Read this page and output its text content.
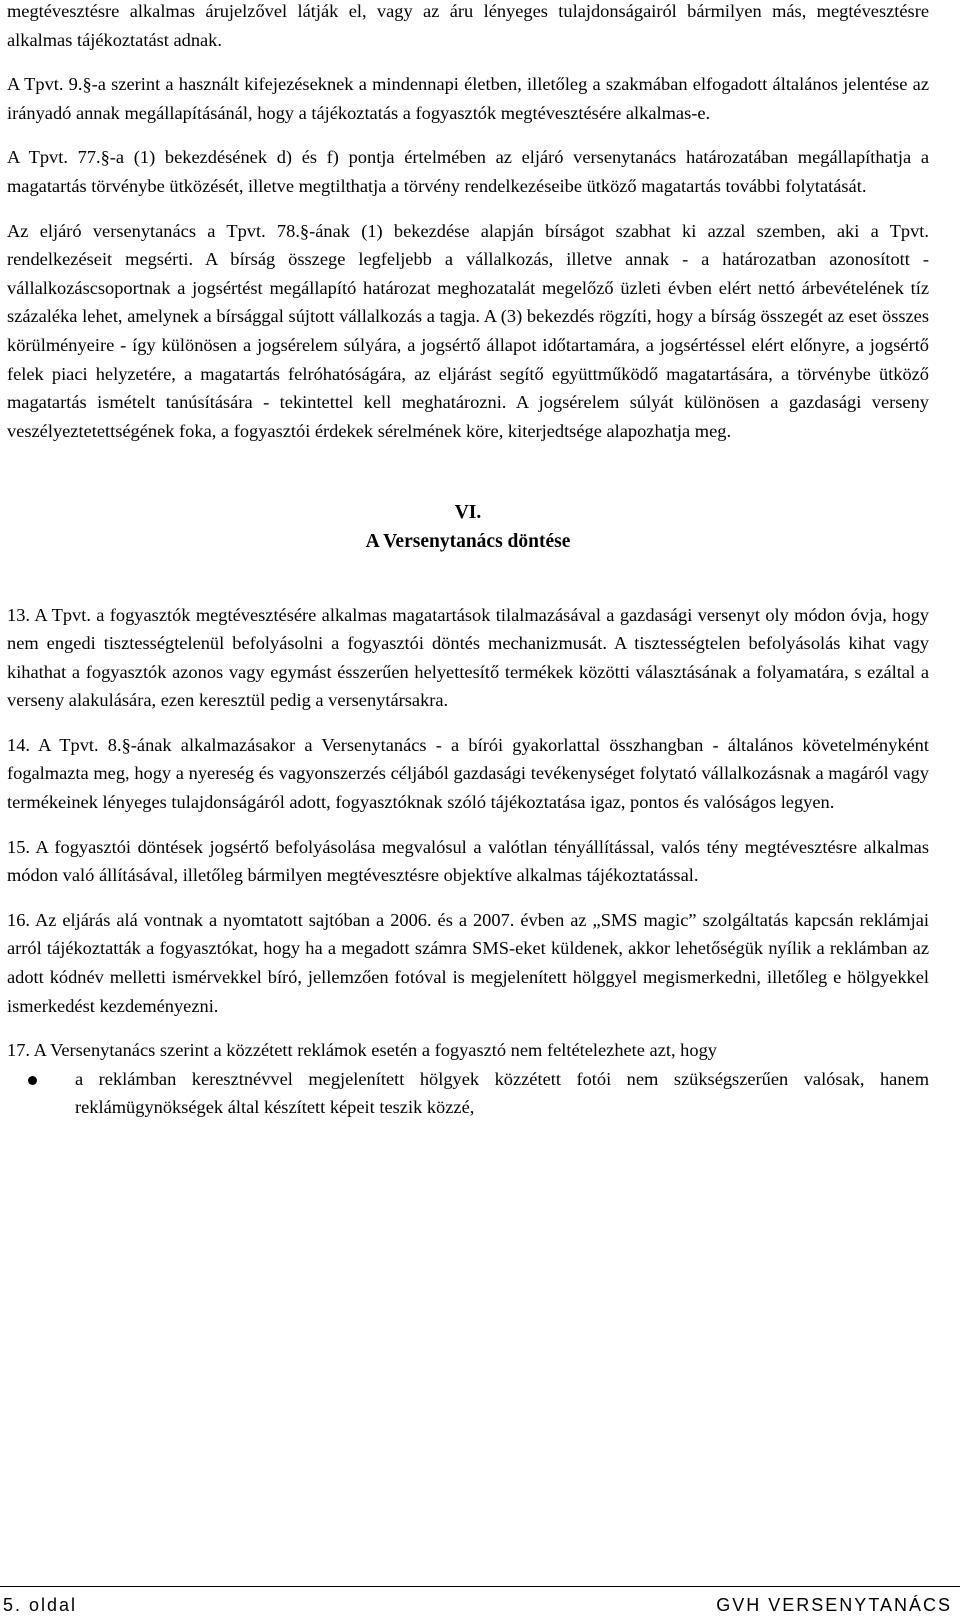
megtévesztésre alkalmas árujelzővel látják el, vagy az áru lényeges tulajdonságairól bármilyen más, megtévesztésre alkalmas tájékoztatást adnak.

A Tpvt. 9.§-a szerint a használt kifejezéseknek a mindennapi életben, illetőleg a szakmában elfogadott általános jelentése az irányadó annak megállapításánál, hogy a tájékoztatás a fogyasztók megtévesztésére alkalmas-e.

A Tpvt. 77.§-a (1) bekezdésének d) és f) pontja értelmében az eljáró versenytanács határozatában megállapíthatja a magatartás törvénybe ütközését, illetve megtilthatja a törvény rendelkezéseibe ütköző magatartás további folytatását.

Az eljáró versenytanács a Tpvt. 78.§-ának (1) bekezdése alapján bírságot szabhat ki azzal szemben, aki a Tpvt. rendelkezéseit megsérti. A bírság összege legfeljebb a vállalkozás, illetve annak - a határozatban azonosított - vállalkozáscsoportnak a jogsértést megállapító határozat meghozatalát megelőző üzleti évben elért nettó árbevételének tíz százaléka lehet, amelynek a bírsággal sújtott vállalkozás a tagja. A (3) bekezdés rögzíti, hogy a bírság összegét az eset összes körülményeire - így különösen a jogsérelem súlyára, a jogsértő állapot időtartamára, a jogsértéssel elért előnyre, a jogsértő felek piaci helyzetére, a magatartás felróhatóságára, az eljárást segítő együttműködő magatartására, a törvénybe ütköző magatartás ismételt tanúsítására - tekintettel kell meghatározni. A jogsérelem súlyát különösen a gazdasági verseny veszélyeztetettségének foka, a fogyasztói érdekek sérelmének köre, kiterjedtsége alapozhatja meg.

VI.

A Versenytanács döntése

13. A Tpvt. a fogyasztók megtévesztésére alkalmas magatartások tilalmazásával a gazdasági versenyt oly módon óvja, hogy nem engedi tisztességtelenül befolyásolni a fogyasztói döntés mechanizmusát. A tisztességtelen befolyásolás kihat vagy kihathat a fogyasztók azonos vagy egymást ésszerűen helyettesítő termékek közötti választásának a folyamatára, s ezáltal a verseny alakulására, ezen keresztül pedig a versenytársakra.

14. A Tpvt. 8.§-ának alkalmazásakor a Versenytanács - a bírói gyakorlattal összhangban - általános követelményként fogalmazta meg, hogy a nyereség és vagyonszerzés céljából gazdasági tevékenységet folytató vállalkozásnak a magáról vagy termékeinek lényeges tulajdonságáról adott, fogyasztóknak szóló tájékoztatása igaz, pontos és valóságos legyen.

15. A fogyasztói döntések jogsértő befolyásolása megvalósul a valótlan tényállítással, valós tény megtévesztésre alkalmas módon való állításával, illetőleg bármilyen megtévesztésre objektíve alkalmas tájékoztatással.

16. Az eljárás alá vontnak a nyomtatott sajtóban a 2006. és a 2007. évben az „SMS magic” szolgáltatás kapcsán reklámjai arról tájékoztatták a fogyasztókat, hogy ha a megadott számra SMS-eket küldenek, akkor lehetőségük nyílik a reklámban az adott kódnév melletti ismérvekkel bíró, jellemzően fotóval is megjelenített hölggyel megismerkedni, illetőleg e hölgyekkel ismerkedést kezdeményezni.

17. A Versenytanács szerint a közzétett reklámok esetén a fogyasztó nem feltételezhete azt, hogy

a reklámban keresztnévvel megjelenített hölgyek közzétett fotói nem szükségszerűen valósak, hanem reklámügynökségek által készített képeit teszik közzé,
5. oldal	GVH VERSENYTANÁCS
